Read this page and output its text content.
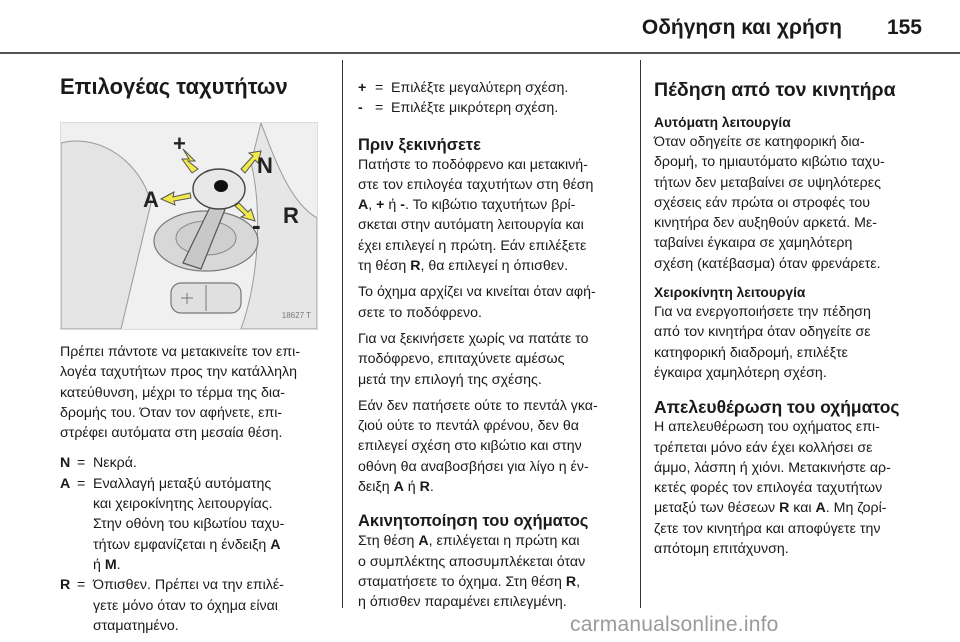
Οδήγηση και χρήση 155
Επιλογέας ταχυτήτων
+
N
A
- R
18627 T
Πρέπει πάντοτε να μετακινείτε τον επι-
λογέα ταχυτήτων προς την κατάλληλη
κατεύθυνση, μέχρι το τέρμα της δια-
δρομής του. Όταν τον αφήνετε, επι-
στρέφει αυτόματα στη μεσαία θέση.
N = Νεκρά.
A = Εναλλαγή μεταξύ αυτόματης
και χειροκίνητης λειτουργίας.
Στην οθόνη του κιβωτίου ταχυ-
τήτων εμφανίζεται η ένδειξη A
ή M.
R = Όπισθεν. Πρέπει να την επιλέ-
γετε μόνο όταν το όχημα είναι
σταματημένο.
+ = Επιλέξτε μεγαλύτερη σχέση.
- = Επιλέξτε μικρότερη σχέση.
Πριν ξεκινήσετε
Πατήστε το ποδόφρενο και μετακινή-
στε τον επιλογέα ταχυτήτων στη θέση
A, + ή -. Το κιβώτιο ταχυτήτων βρί-
σκεται στην αυτόματη λειτουργία και
έχει επιλεγεί η πρώτη. Εάν επιλέξετε
τη θέση R, θα επιλεγεί η όπισθεν.
Το όχημα αρχίζει να κινείται όταν αφή-
σετε το ποδόφρενο.
Για να ξεκινήσετε χωρίς να πατάτε το
ποδόφρενο, επιταχύνετε αμέσως
μετά την επιλογή της σχέσης.
Εάν δεν πατήσετε ούτε το πεντάλ γκα-
ζιού ούτε το πεντάλ φρένου, δεν θα
επιλεγεί σχέση στο κιβώτιο και στην
οθόνη θα αναβοσβήσει για λίγο η έν-
δειξη A ή R.
Ακινητοποίηση του οχήματος
Στη θέση A, επιλέγεται η πρώτη και
ο συμπλέκτης αποσυμπλέκεται όταν
σταματήσετε το όχημα. Στη θέση R,
η όπισθεν παραμένει επιλεγμένη.
Πέδηση από τον κινητήρα
Αυτόματη λειτουργία
Όταν οδηγείτε σε κατηφορική δια-
δρομή, το ημιαυτόματο κιβώτιο ταχυ-
τήτων δεν μεταβαίνει σε υψηλότερες
σχέσεις εάν πρώτα οι στροφές του
κινητήρα δεν αυξηθούν αρκετά. Με-
ταβαίνει έγκαιρα σε χαμηλότερη
σχέση (κατέβασμα) όταν φρενάρετε.
Χειροκίνητη λειτουργία
Για να ενεργοποιήσετε την πέδηση
από τον κινητήρα όταν οδηγείτε σε
κατηφορική διαδρομή, επιλέξτε
έγκαιρα χαμηλότερη σχέση.
Απελευθέρωση του οχήματος
Η απελευθέρωση του οχήματος επι-
τρέπεται μόνο εάν έχει κολλήσει σε
άμμο, λάσπη ή χιόνι. Μετακινήστε αρ-
κετές φορές τον επιλογέα ταχυτήτων
μεταξύ των θέσεων R και A. Μη ζορί-
ζετε τον κινητήρα και αποφύγετε την
απότομη επιτάχυνση.
carmanualsonline.info
